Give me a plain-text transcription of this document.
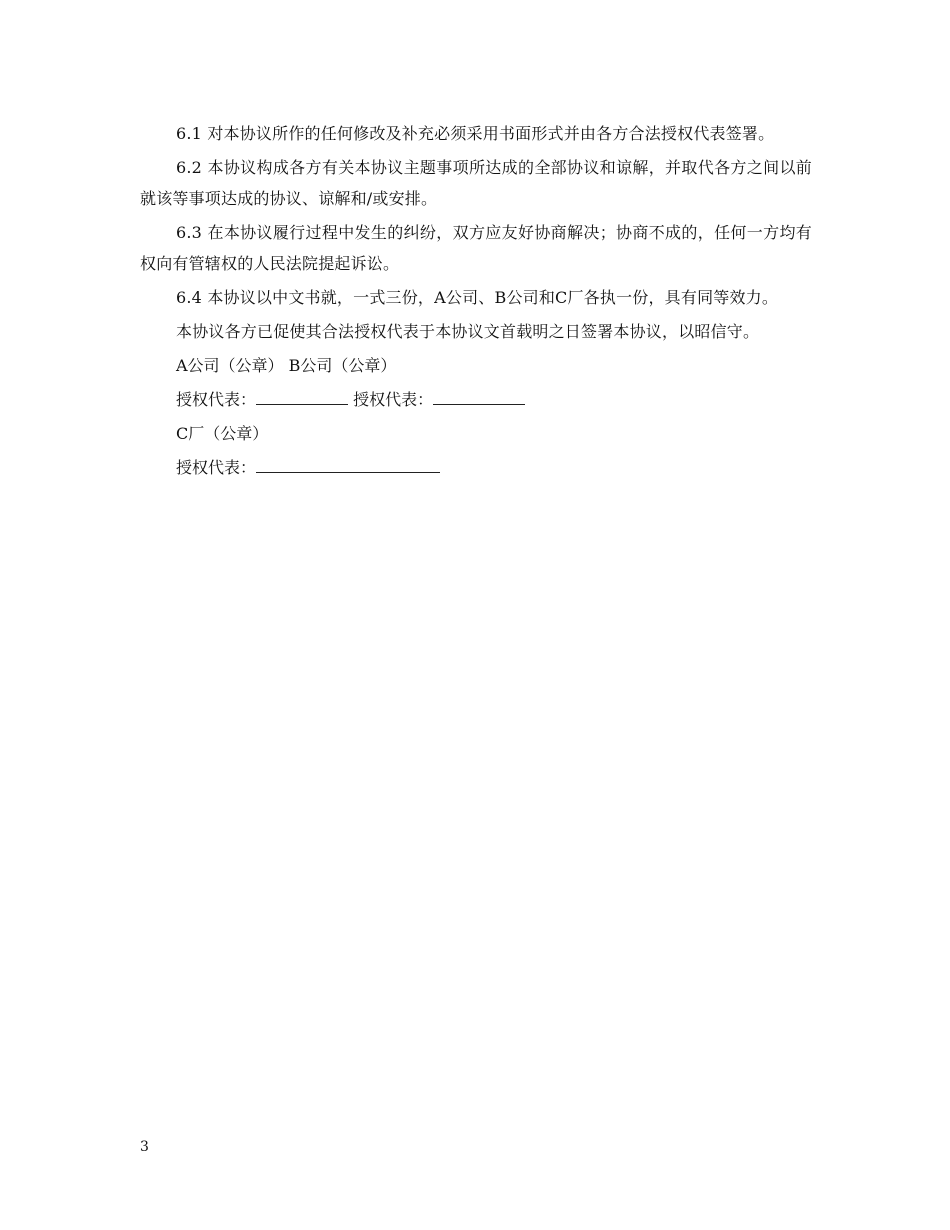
6.1 对本协议所作的任何修改及补充必须采用书面形式并由各方合法授权代表签署。

6.2 本协议构成各方有关本协议主题事项所达成的全部协议和谅解，并取代各方之间以前就该等事项达成的协议、谅解和/或安排。

6.3 在本协议履行过程中发生的纠纷，双方应友好协商解决；协商不成的，任何一方均有权向有管辖权的人民法院提起诉讼。

6.4 本协议以中文书就，一式三份，A公司、B公司和C厂各执一份，具有同等效力。

本协议各方已促使其合法授权代表于本协议文首载明之日签署本协议，以昭信守。

A公司（公章） B公司（公章）
授权代表：	授权代表：
C厂（公章）
授权代表：
3
